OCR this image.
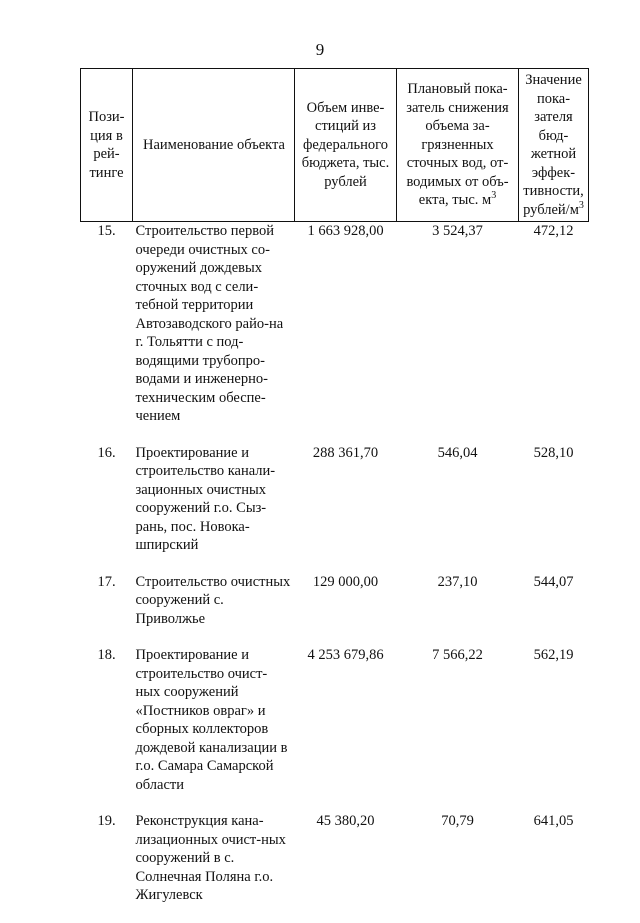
9
Пози-ция в рей-тинге	Наименование объекта	Объем инве-стиций из федерального бюджета, тыс. рублей	Плановый пока-затель снижения объема за-грязненных сточных вод, от-водимых от объ-екта, тыс. $м^3$	Значение пока-зателя бюд-жетной эффек-тивности, рублей/$м^3$
15.	Строительство первой очереди очистных со-оружений дождевых сточных вод с сели-тебной территории Автозаводского райо-на г. Тольятти с под-водящими трубопро-водами и инженерно-техническим обеспе-чением	1 663 928,00	3 524,37	472,12
16.	Проектирование и строительство канали-зационных очистных сооружений г.о. Сыз-рань, пос. Новока-шпирский	288 361,70	546,04	528,10
17.	Строительство очистных сооружений с. Приволжье	129 000,00	237,10	544,07
18.	Проектирование и строительство очист-ных сооружений «Постников овраг» и сборных коллекторов дождевой канализации в г.о. Самара Самарской области	4 253 679,86	7 566,22	562,19
19.	Реконструкция кана-лизационных очист-ных сооружений в с. Солнечная Поляна г.о. Жигулевск	45 380,20	70,79	641,05
